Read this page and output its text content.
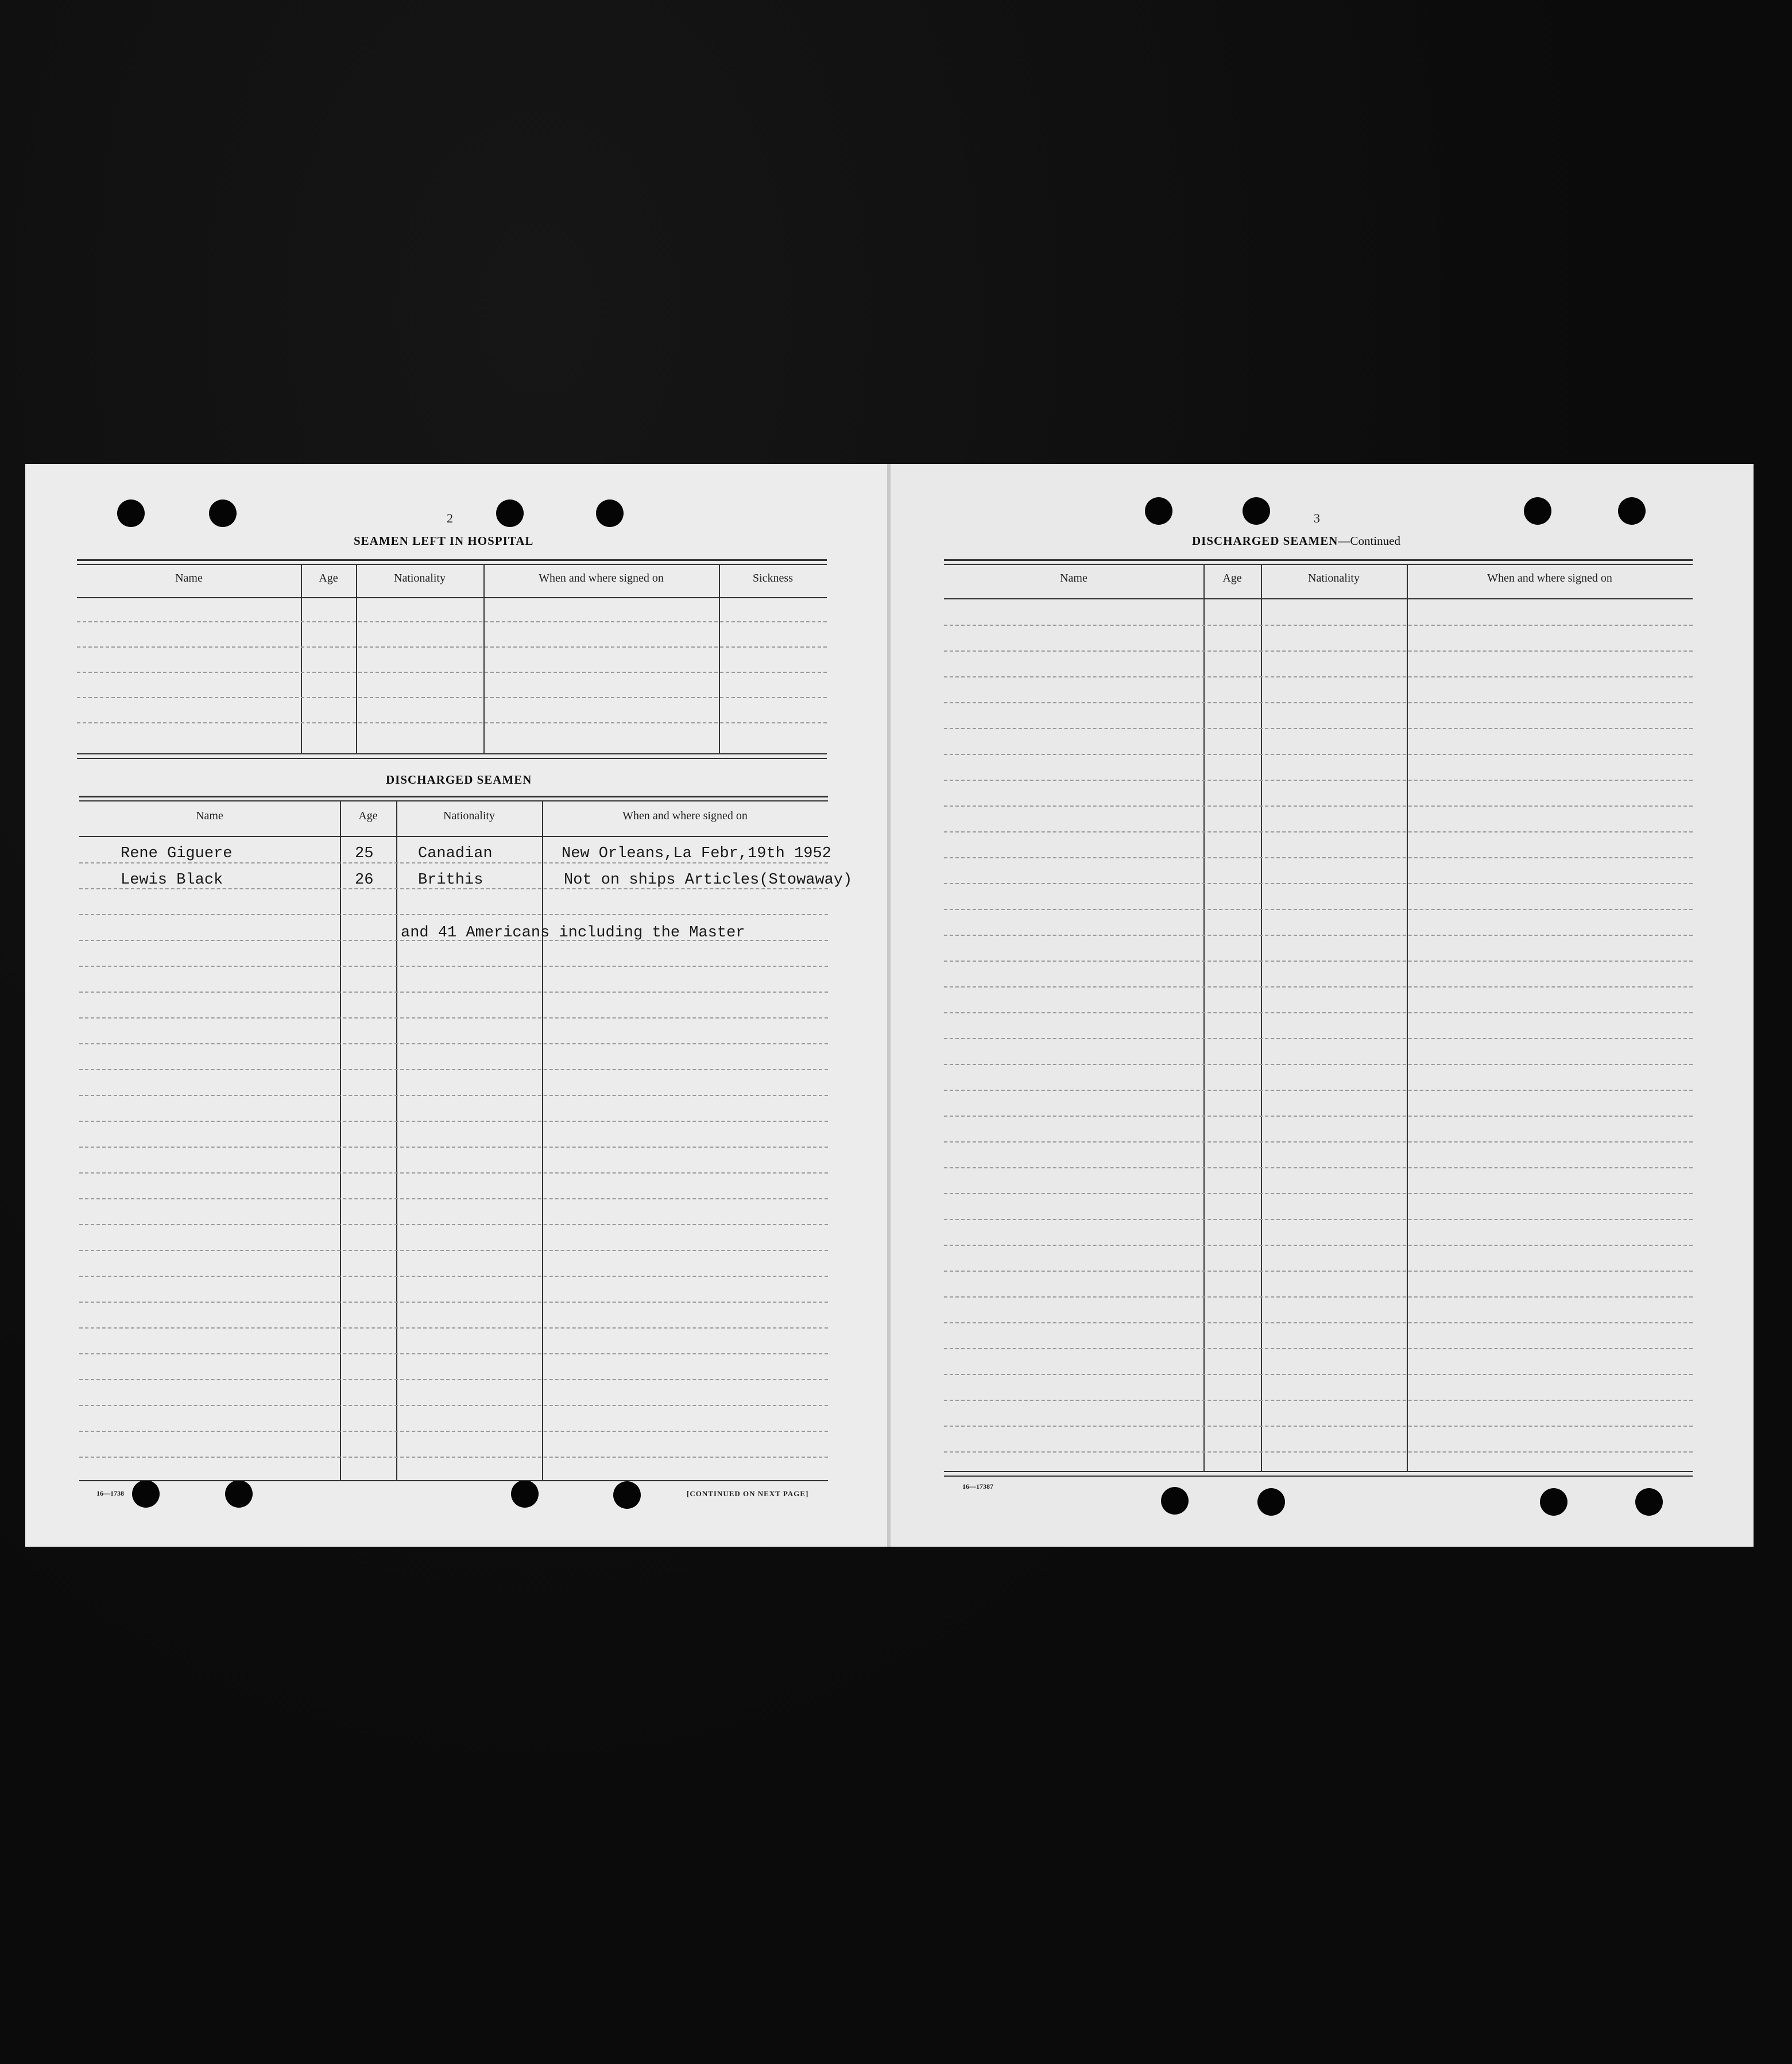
2
SEAMEN LEFT IN HOSPITAL
Name	Age	Nationality	When and where signed on	Sickness
DISCHARGED SEAMEN
Name	Age	Nationality	When and where signed on
Rene Giguere	25	Canadian	New Orleans,La Febr,19th 1952
Lewis Black	26	Brithis	Not on ships Articles(Stowaway)
and 41 Americans including the Master
16—1738	[CONTINUED ON NEXT PAGE]
3
DISCHARGED SEAMEN—Continued
Name	Age	Nationality	When and where signed on
16—17387
